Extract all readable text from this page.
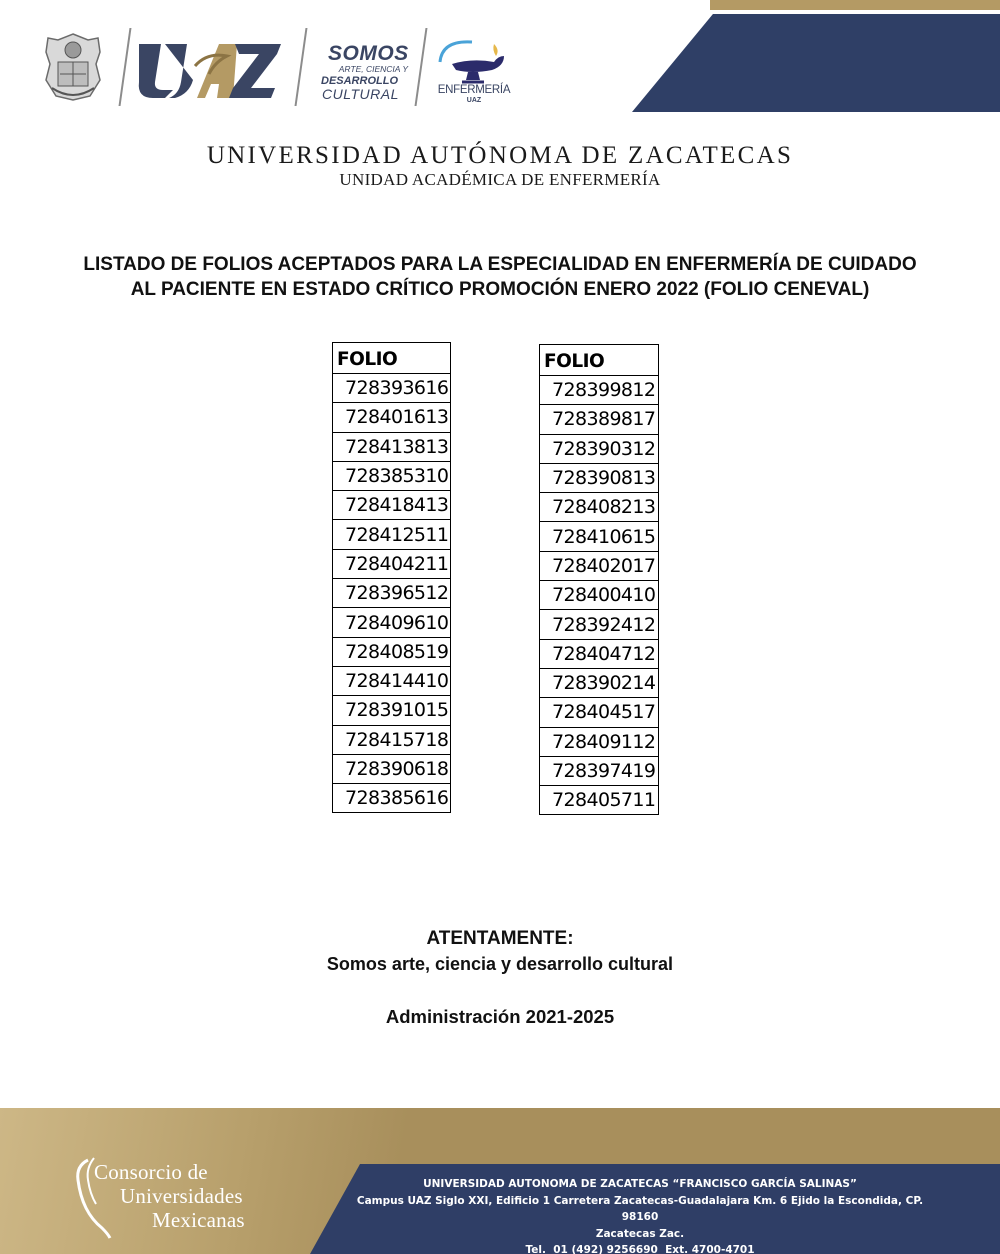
SOMOS
ARTE, CIENCIA Y
DESARROLLO
CULTURAL	ENFERMERÍA
UAZ
UNIVERSIDAD AUTÓNOMA DE ZACATECAS
UNIDAD ACADÉMICA DE ENFERMERÍA
LISTADO DE FOLIOS ACEPTADOS PARA LA ESPECIALIDAD EN ENFERMERÍA DE CUIDADO
AL PACIENTE EN ESTADO CRÍTICO PROMOCIÓN ENERO 2022 (FOLIO CENEVAL)
FOLIO
728393616
728401613
728413813
728385310
728418413
728412511
728404211
728396512
728409610
728408519
728414410
728391015
728415718
728390618
728385616
FOLIO
728399812
728389817
728390312
728390813
728408213
728410615
728402017
728400410
728392412
728404712
728390214
728404517
728409112
728397419
728405711
ATENTAMENTE:
Somos arte, ciencia y desarrollo cultural
Administración 2021-2025
Consorcio de
Universidades
Mexicanas
UNIVERSIDAD AUTONOMA DE ZACATECAS “FRANCISCO GARCÍA SALINAS”
Campus UAZ Siglo XXI, Edificio 1 Carretera Zacatecas-Guadalajara Km. 6 Ejido la Escondida, CP. 98160
Zacatecas Zac.
Tel.  01 (492) 9256690  Ext. 4700-4701
